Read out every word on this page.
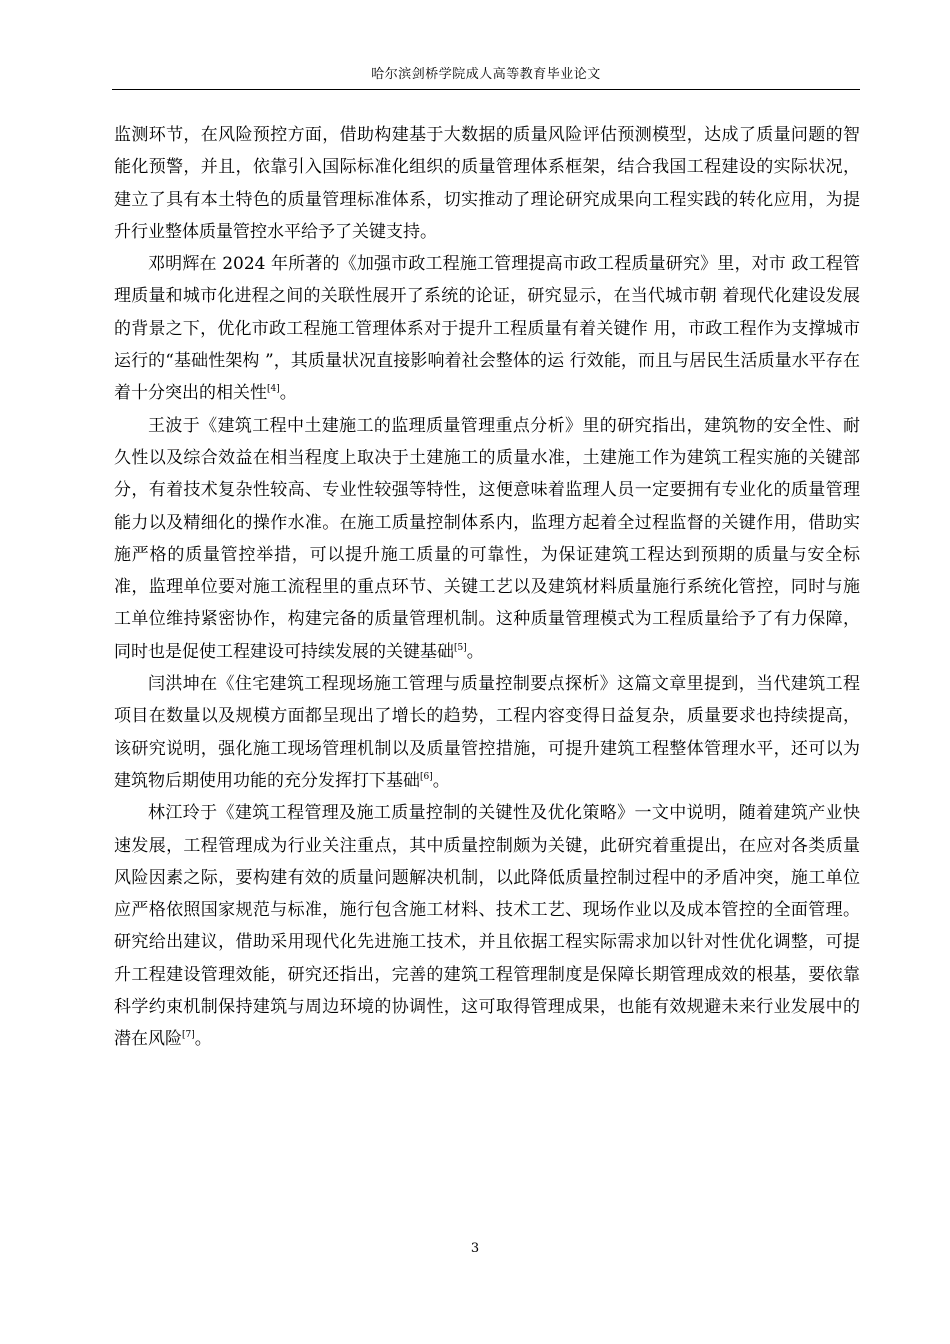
哈尔滨剑桥学院成人高等教育毕业论文

监测环节，在风险预控方面，借助构建基于大数据的质量风险评估预测模型，达成了质量问题的智能化预警，并且，依靠引入国际标准化组织的质量管理体系框架，结合我国工程建设的实际状况，建立了具有本土特色的质量管理标准体系，切实推动了理论研究成果向工程实践的转化应用，为提升行业整体质量管控水平给予了关键支持。

邓明辉在 2024 年所著的《加强市政工程施工管理提高市政工程质量研究》里，对市 政工程管理质量和城市化进程之间的关联性展开了系统的论证，研究显示，在当代城市朝 着现代化建设发展的背景之下，优化市政工程施工管理体系对于提升工程质量有着关键作 用，市政工程作为支撑城市运行的“基础性架构 ”，其质量状况直接影响着社会整体的运 行效能，而且与居民生活质量水平存在着十分突出的相关性[4]。

王波于《建筑工程中土建施工的监理质量管理重点分析》里的研究指出，建筑物的安全性、耐久性以及综合效益在相当程度上取决于土建施工的质量水准，土建施工作为建筑工程实施的关键部分，有着技术复杂性较高、专业性较强等特性，这便意味着监理人员一定要拥有专业化的质量管理能力以及精细化的操作水准。在施工质量控制体系内，监理方起着全过程监督的关键作用，借助实施严格的质量管控举措，可以提升施工质量的可靠性，为保证建筑工程达到预期的质量与安全标准，监理单位要对施工流程里的重点环节、关键工艺以及建筑材料质量施行系统化管控，同时与施工单位维持紧密协作，构建完备的质量管理机制。这种质量管理模式为工程质量给予了有力保障，同时也是促使工程建设可持续发展的关键基础[5]。

闫洪坤在《住宅建筑工程现场施工管理与质量控制要点探析》这篇文章里提到，当代建筑工程项目在数量以及规模方面都呈现出了增长的趋势，工程内容变得日益复杂，质量要求也持续提高，该研究说明，强化施工现场管理机制以及质量管控措施，可提升建筑工程整体管理水平，还可以为建筑物后期使用功能的充分发挥打下基础[6]。

林江玲于《建筑工程管理及施工质量控制的关键性及优化策略》一文中说明，随着建筑产业快速发展，工程管理成为行业关注重点，其中质量控制颇为关键，此研究着重提出，在应对各类质量风险因素之际，要构建有效的质量问题解决机制，以此降低质量控制过程中的矛盾冲突，施工单位应严格依照国家规范与标准，施行包含施工材料、技术工艺、现场作业以及成本管控的全面管理。研究给出建议，借助采用现代化先进施工技术，并且依据工程实际需求加以针对性优化调整，可提升工程建设管理效能，研究还指出，完善的建筑工程管理制度是保障长期管理成效的根基，要依靠科学约束机制保持建筑与周边环境的协调性，这可取得管理成果，也能有效规避未来行业发展中的潜在风险[7]。

3
